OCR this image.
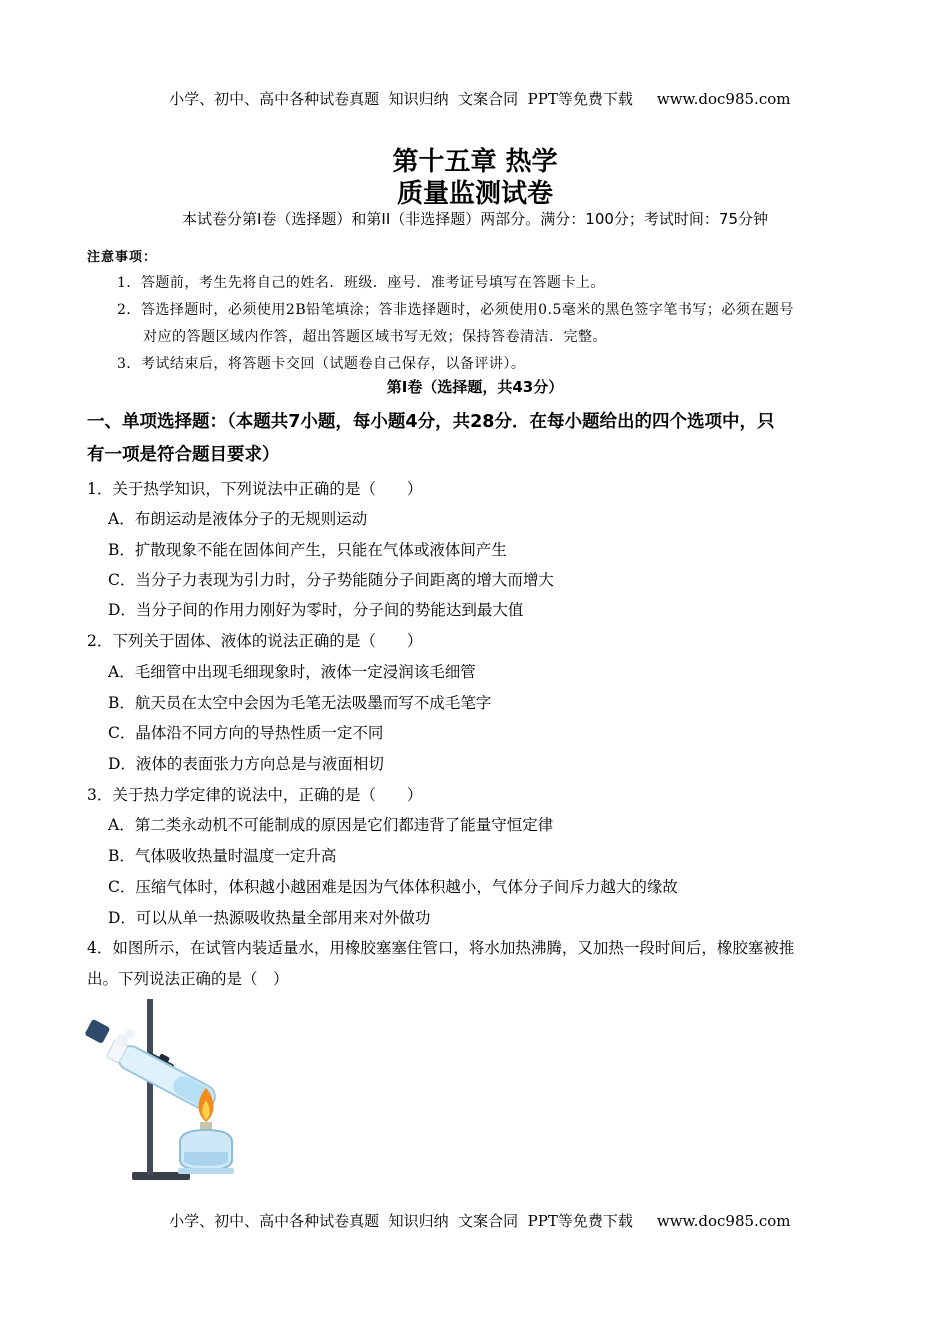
小学、初中、高中各种试卷真题  知识归纳  文案合同  PPT等免费下载 www.doc985.com

第十五章 热学
质量监测试卷
本试卷分第I卷（选择题）和第II（非选择题）两部分。满分：100分；考试时间：75分钟
注意事项：
1．答题前，考生先将自己的姓名．班级．座号．准考证号填写在答题卡上。
2．答选择题时，必须使用2B铅笔填涂；答非选择题时，必须使用0.5毫米的黑色签字笔书写；必须在题号
对应的答题区域内作答，超出答题区域书写无效；保持答卷清洁．完整。
3．考试结束后，将答题卡交回（试题卷自己保存，以备评讲）。
第Ⅰ卷（选择题，共43分）
一、单项选择题：（本题共7小题，每小题4分，共28分．在每小题给出的四个选项中，只
有一项是符合题目要求）
1．关于热学知识，下列说法中正确的是（　　）
A．布朗运动是液体分子的无规则运动
B．扩散现象不能在固体间产生，只能在气体或液体间产生
C．当分子力表现为引力时，分子势能随分子间距离的增大而增大
D．当分子间的作用力刚好为零时，分子间的势能达到最大值
2．下列关于固体、液体的说法正确的是（　　）
A．毛细管中出现毛细现象时，液体一定浸润该毛细管
B．航天员在太空中会因为毛笔无法吸墨而写不成毛笔字
C．晶体沿不同方向的导热性质一定不同
D．液体的表面张力方向总是与液面相切
3．关于热力学定律的说法中，正确的是（　　）
A．第二类永动机不可能制成的原因是它们都违背了能量守恒定律
B．气体吸收热量时温度一定升高
C．压缩气体时，体积越小越困难是因为气体体积越小，气体分子间斥力越大的缘故
D．可以从单一热源吸收热量全部用来对外做功
4．如图所示，在试管内装适量水，用橡胶塞塞住管口，将水加热沸腾，又加热一段时间后，橡胶塞被推
出。下列说法正确的是（　）

小学、初中、高中各种试卷真题  知识归纳  文案合同  PPT等免费下载 www.doc985.com
